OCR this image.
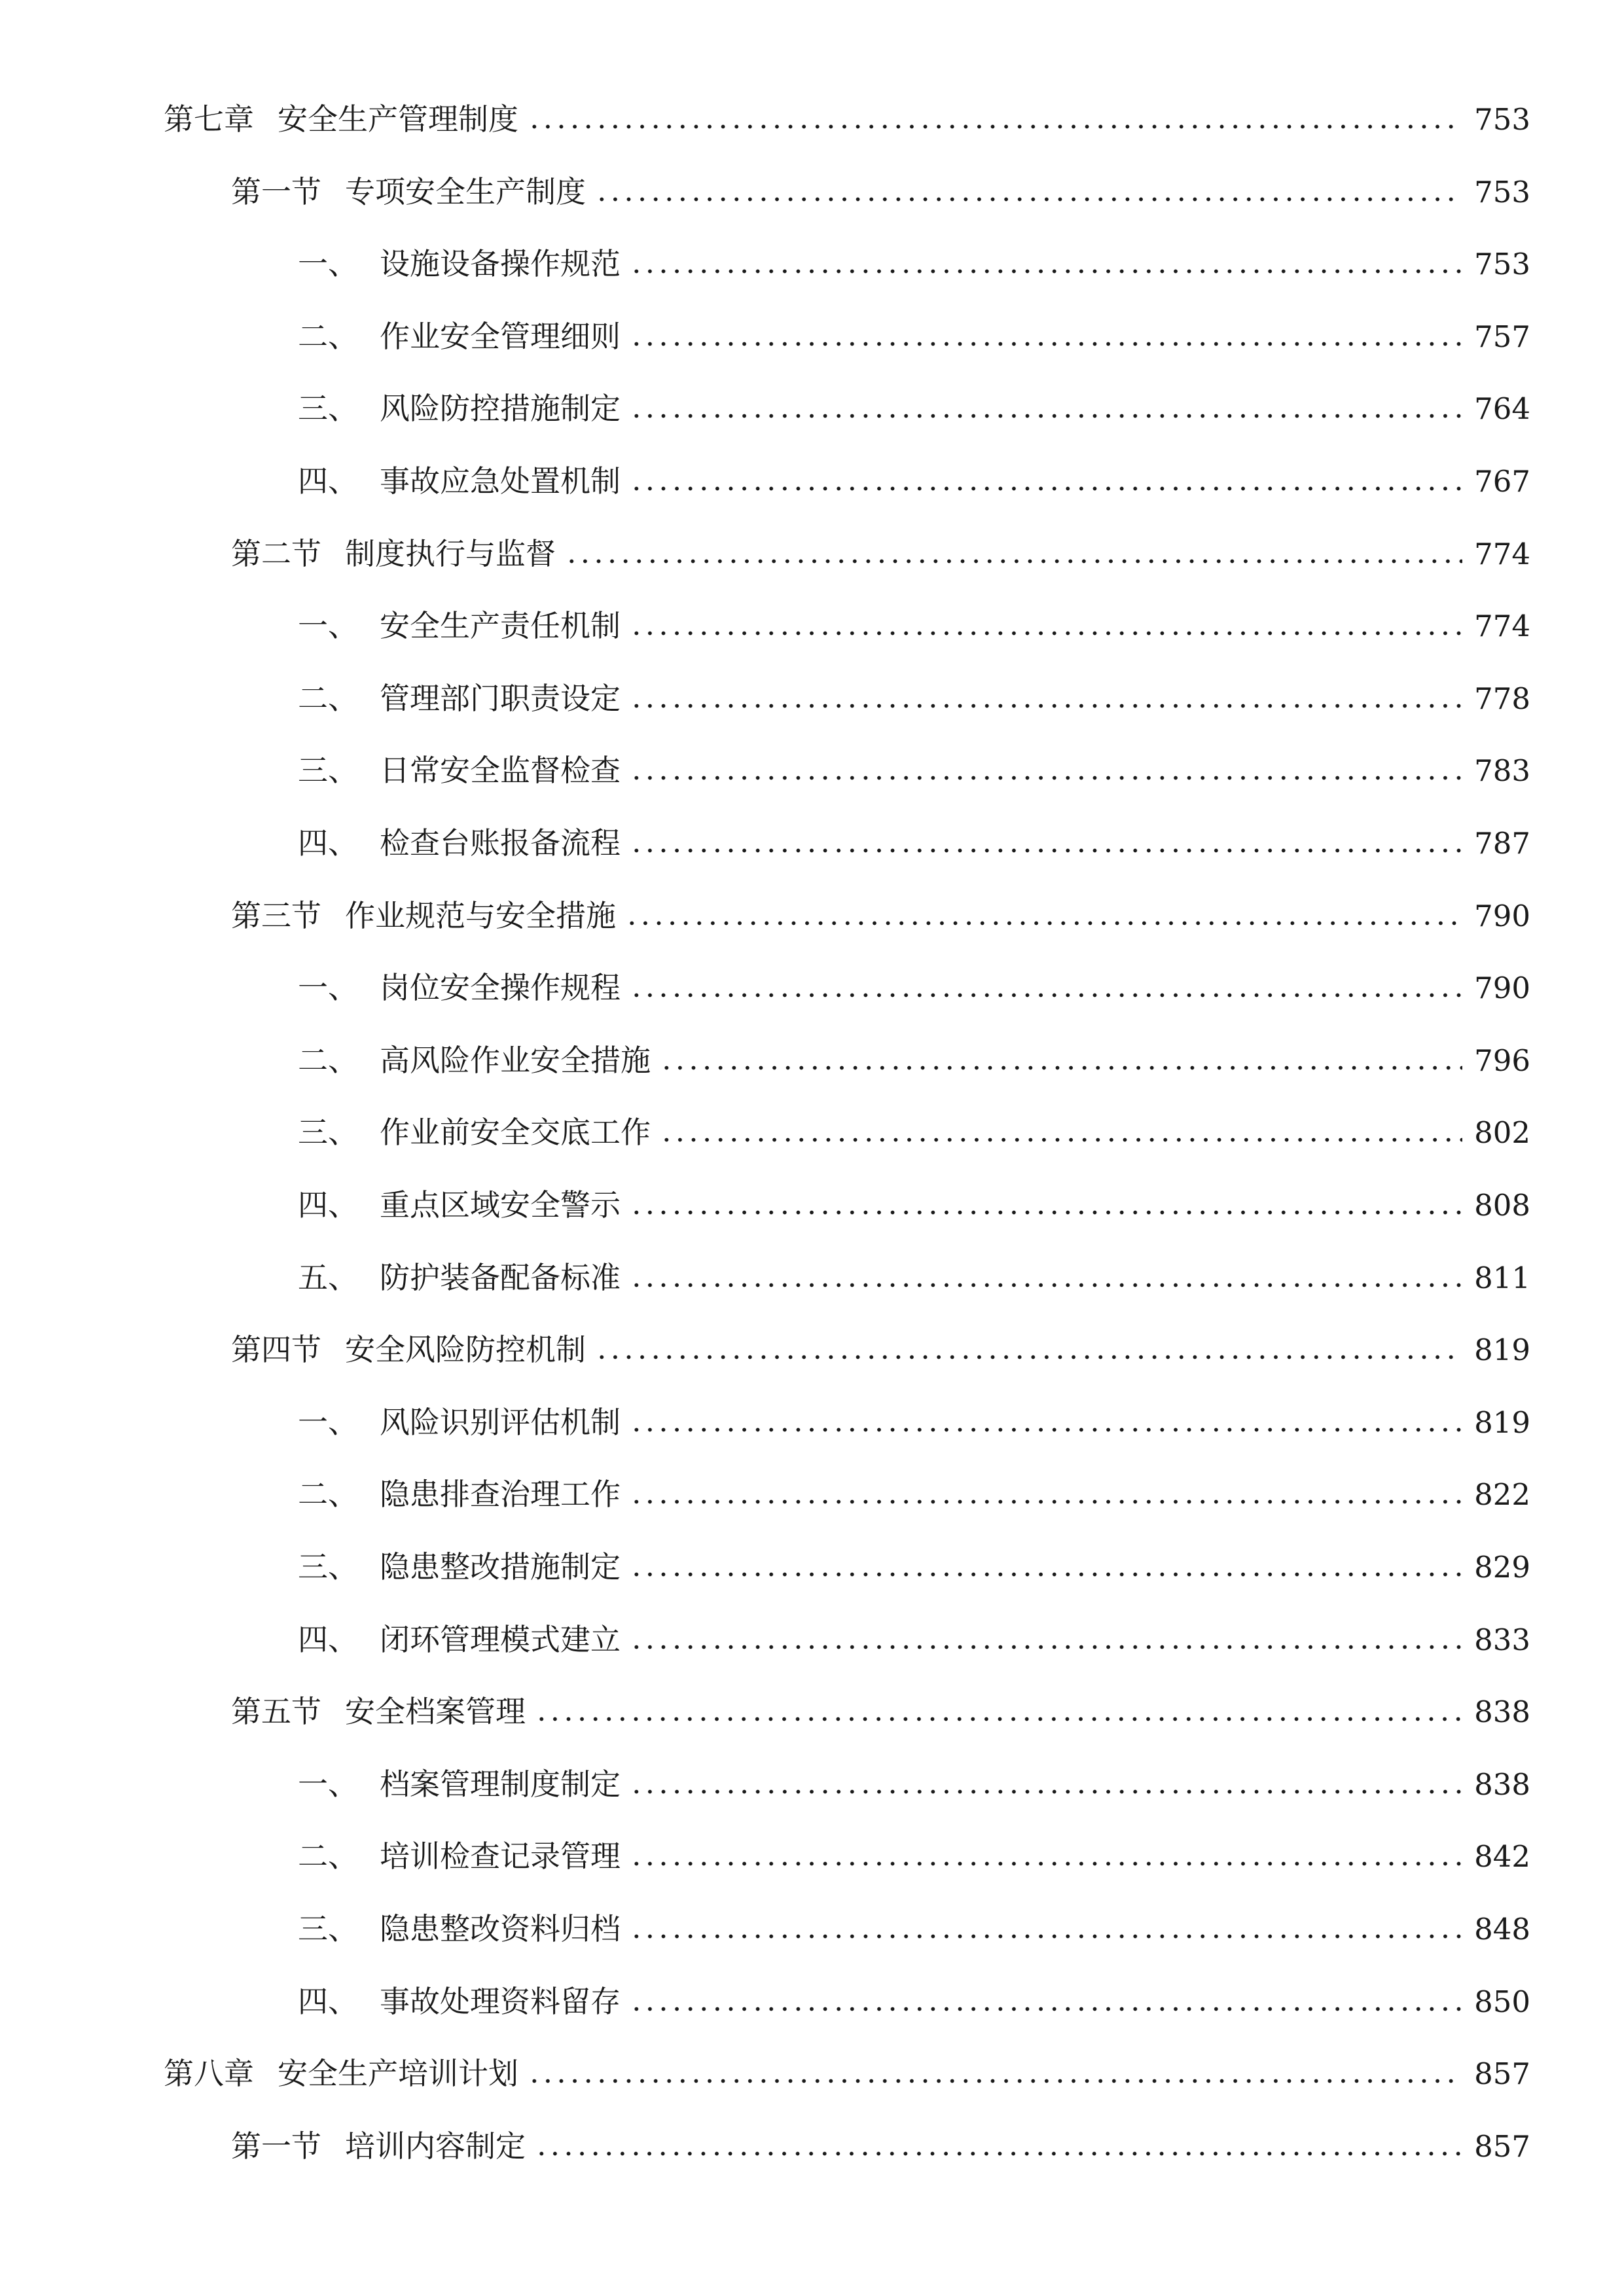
第七章 安全生产管理制度	753
第一节 专项安全生产制度	753
一、 设施设备操作规范	753
二、 作业安全管理细则	757
三、 风险防控措施制定	764
四、 事故应急处置机制	767
第二节 制度执行与监督	774
一、 安全生产责任机制	774
二、 管理部门职责设定	778
三、 日常安全监督检查	783
四、 检查台账报备流程	787
第三节 作业规范与安全措施	790
一、 岗位安全操作规程	790
二、 高风险作业安全措施	796
三、 作业前安全交底工作	802
四、 重点区域安全警示	808
五、 防护装备配备标准	811
第四节 安全风险防控机制	819
一、 风险识别评估机制	819
二、 隐患排查治理工作	822
三、 隐患整改措施制定	829
四、 闭环管理模式建立	833
第五节 安全档案管理	838
一、 档案管理制度制定	838
二、 培训检查记录管理	842
三、 隐患整改资料归档	848
四、 事故处理资料留存	850
第八章 安全生产培训计划	857
第一节 培训内容制定	857
